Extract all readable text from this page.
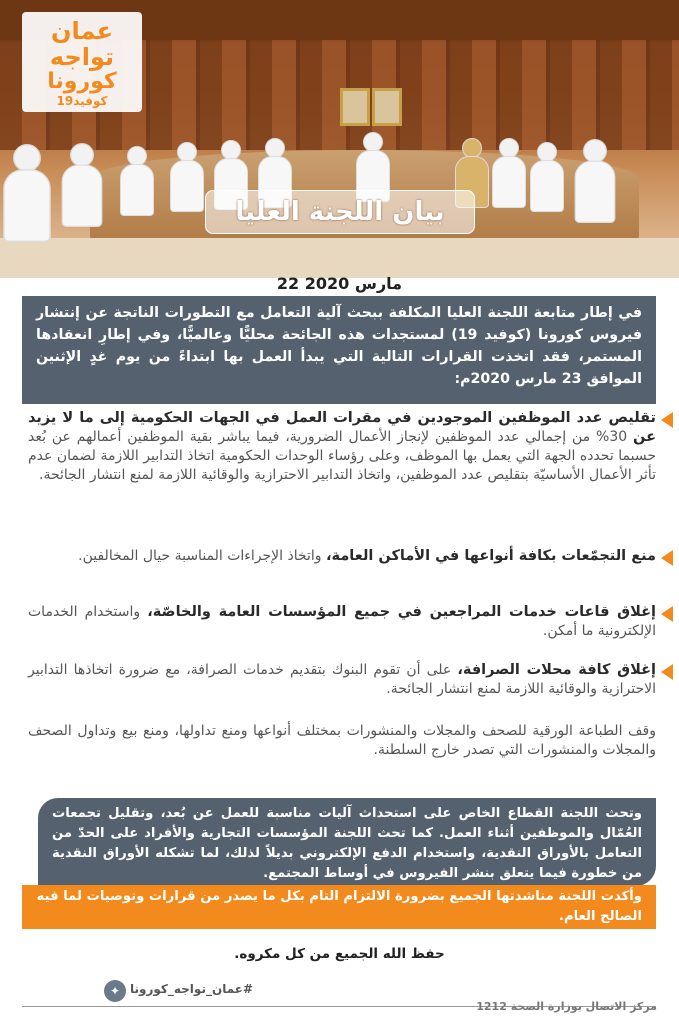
عمان
تواجه
كورونا
كوفيد19
بيان اللجنة العليا
22 مارس 2020
في إطار متابعة اللجنة العليا المكلفة ببحث آلية التعامل مع التطورات الناتجة عن إنتشار فيروس كورونا (كوفيد 19) لمستجدات هذه الجائحة محليًّا وعالميًّا، وفي إطارِ انعقادها المستمر، فقد اتخذت القرارات التالية التي يبدأ العمل بها ابتداءً من يوم غدٍ الإثنين الموافق 23 مارس 2020م:
تقليص عدد الموظفين الموجودين في مقرات العمل في الجهات الحكومية إلى ما لا يزيد عن 30% من إجمالي عدد الموظفين لإنجاز الأعمال الضرورية، فيما يباشر بقية الموظفين أعمالهم عن بُعد حسبما تحدده الجهة التي يعمل بها الموظف، وعلى رؤساء الوحدات الحكومية اتخاذ التدابير اللازمة لضمان عدم تأثر الأعمال الأساسيّة بتقليص عدد الموظفين، واتخاذ التدابير الاحترازية والوقائية اللازمة لمنع انتشار الجائحة.
منع التجمّعات بكافة أنواعها في الأماكن العامة، واتخاذ الإجراءات المناسبة حيال المخالفين.
إغلاق قاعات خدمات المراجعين في جميع المؤسسات العامة والخاصّة، واستخدام الخدمات الإلكترونية ما أمكن.
إغلاق كافة محلات الصرافة، على أن تقوم البنوك بتقديم خدمات الصرافة، مع ضرورة اتخاذها التدابير الاحترازية والوقائية اللازمة لمنع انتشار الجائحة.
وقف الطباعة الورقية للصحف والمجلات والمنشورات بمختلف أنواعها ومنع تداولها، ومنع بيع وتداول الصحف والمجلات والمنشورات التي تصدر خارج السلطنة.
وتحث اللجنة القطاع الخاص على استحداث آليات مناسبة للعمل عن بُعد، وتقليل تجمعات العُمّال والموظفين أثناء العمل. كما تحث اللجنة المؤسسات التجارية والأفراد على الحدّ من التعامل بالأوراق النقدية، واستخدام الدفع الإلكتروني بديلاً لذلك، لما تشكله الأوراق النقدية من خطورة فيما يتعلق بنشر الفيروس في أوساط المجتمع.
وأكدت اللجنة مناشدتها الجميع بضرورة الالتزام التام بكل ما يصدر من قرارات وتوصيات لما فيه الصالح العام.
حفظ الله الجميع من كل مكروه.
✦ #عمان_تواجه_كورونا
مركز الاتصال بوزارة الصحة 1212
